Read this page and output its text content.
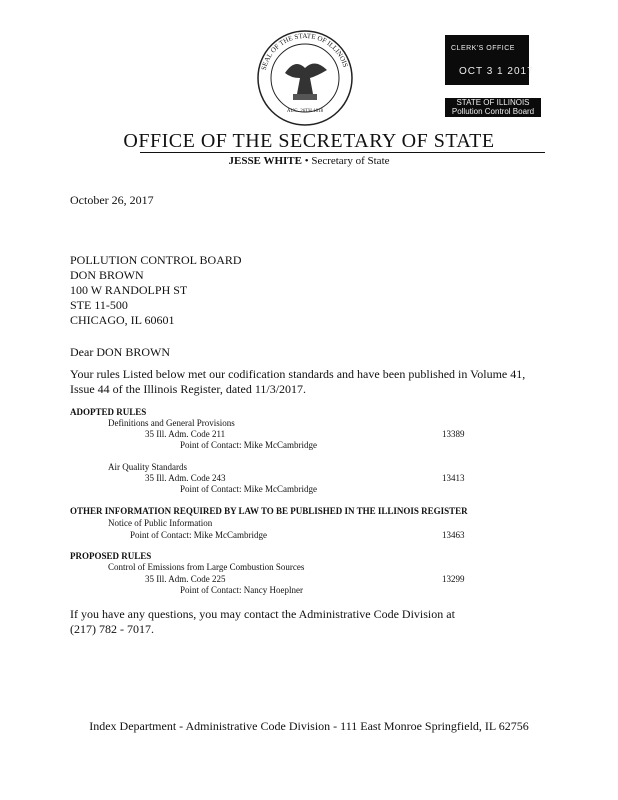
SEAL OF THE STATE OF ILLINOIS
AUG. 26TH 1818
CLERK'S OFFICE
OCT 3 1 2017
STATE OF ILLINOIS
Pollution Control Board
OFFICE OF THE SECRETARY OF STATE
JESSE WHITE • Secretary of State
October 26, 2017
POLLUTION CONTROL BOARD
DON BROWN
100 W RANDOLPH ST
STE 11-500
CHICAGO, IL 60601
Dear DON BROWN
Your rules Listed below met our codification standards and have been published in Volume 41, Issue 44 of the Illinois Register, dated 11/3/2017.
ADOPTED RULES
Definitions and General Provisions
35 Ill. Adm. Code 211	13389
Point of Contact: Mike McCambridge
Air Quality Standards
35 Ill. Adm. Code 243	13413
Point of Contact: Mike McCambridge
OTHER INFORMATION REQUIRED BY LAW TO BE PUBLISHED IN THE ILLINOIS REGISTER
Notice of Public Information
Point of Contact: Mike McCambridge	13463
PROPOSED RULES
Control of Emissions from Large Combustion Sources
35 Ill. Adm. Code 225	13299
Point of Contact: Nancy Hoeplner
If you have any questions, you may contact the Administrative Code Division at
(217) 782 - 7017.
Index Department - Administrative Code Division - 111 East Monroe Springfield, IL 62756
